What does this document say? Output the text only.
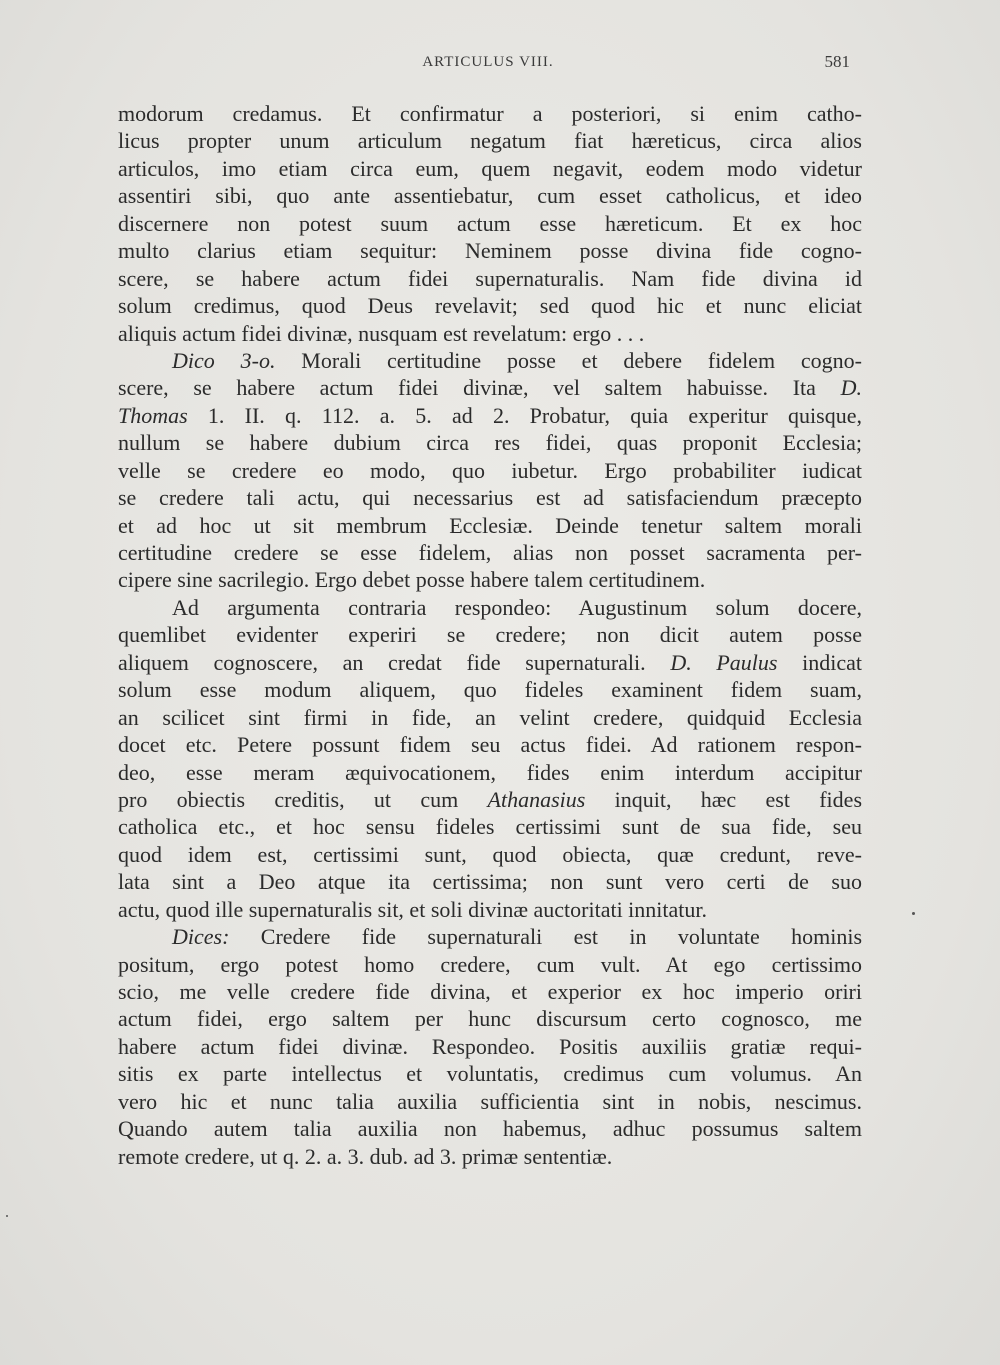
ARTICULUS VIII.	581
modorum credamus. Et confirmatur a posteriori, si enim catho-
licus propter unum articulum negatum fiat hæreticus, circa alios
articulos, imo etiam circa eum, quem negavit, eodem modo videtur
assentiri sibi, quo ante assentiebatur, cum esset catholicus, et ideo
discernere non potest suum actum esse hæreticum. Et ex hoc
multo clarius etiam sequitur: Neminem posse divina fide cogno-
scere, se habere actum fidei supernaturalis. Nam fide divina id
solum credimus, quod Deus revelavit; sed quod hic et nunc eliciat
aliquis actum fidei divinæ, nusquam est revelatum: ergo . . .
Dico 3-o. Morali certitudine posse et debere fidelem cogno-
scere, se habere actum fidei divinæ, vel saltem habuisse. Ita D.
Thomas 1. II. q. 112. a. 5. ad 2. Probatur, quia experitur quisque,
nullum se habere dubium circa res fidei, quas proponit Ecclesia;
velle se credere eo modo, quo iubetur. Ergo probabiliter iudicat
se credere tali actu, qui necessarius est ad satisfaciendum præcepto
et ad hoc ut sit membrum Ecclesiæ. Deinde tenetur saltem morali
certitudine credere se esse fidelem, alias non posset sacramenta per-
cipere sine sacrilegio. Ergo debet posse habere talem certitudinem.
Ad argumenta contraria respondeo: Augustinum solum docere,
quemlibet evidenter experiri se credere; non dicit autem posse
aliquem cognoscere, an credat fide supernaturali. D. Paulus indicat
solum esse modum aliquem, quo fideles examinent fidem suam,
an scilicet sint firmi in fide, an velint credere, quidquid Ecclesia
docet etc. Petere possunt fidem seu actus fidei. Ad rationem respon-
deo, esse meram æquivocationem, fides enim interdum accipitur
pro obiectis creditis, ut cum Athanasius inquit, hæc est fides
catholica etc., et hoc sensu fideles certissimi sunt de sua fide, seu
quod idem est, certissimi sunt, quod obiecta, quæ credunt, reve-
lata sint a Deo atque ita certissima; non sunt vero certi de suo
actu, quod ille supernaturalis sit, et soli divinæ auctoritati innitatur.
Dices: Credere fide supernaturali est in voluntate hominis
positum, ergo potest homo credere, cum vult. At ego certissimo
scio, me velle credere fide divina, et experior ex hoc imperio oriri
actum fidei, ergo saltem per hunc discursum certo cognosco, me
habere actum fidei divinæ. Respondeo. Positis auxiliis gratiæ requi-
sitis ex parte intellectus et voluntatis, credimus cum volumus. An
vero hic et nunc talia auxilia sufficientia sint in nobis, nescimus.
Quando autem talia auxilia non habemus, adhuc possumus saltem
remote credere, ut q. 2. a. 3. dub. ad 3. primæ sententiæ.
